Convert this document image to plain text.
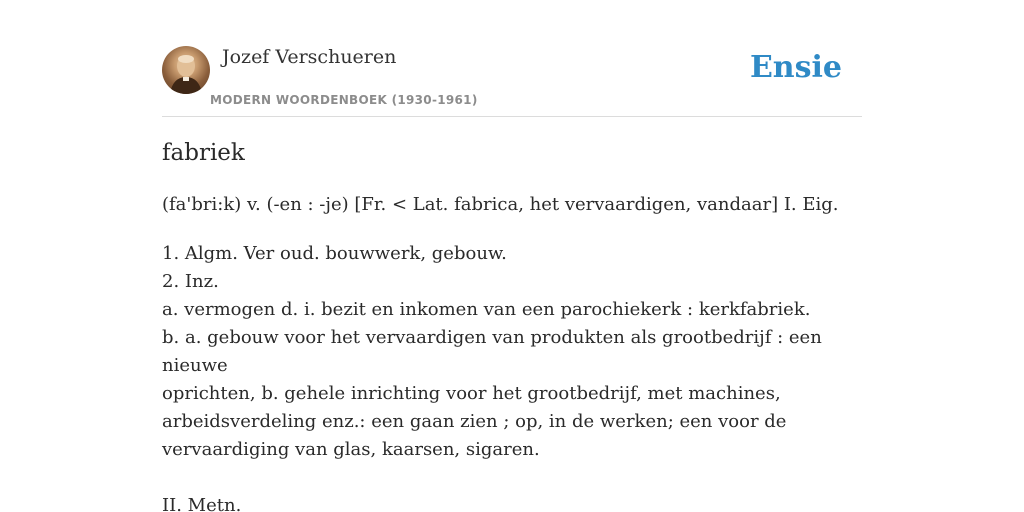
Jozef Verschueren
MODERN WOORDENBOEK (1930-1961)
Ensie
fabriek
(fa'bri:k) v. (-en : -je) [Fr. < Lat. fabrica, het vervaardigen, vandaar] I. Eig.
1. Algm. Ver oud. bouwwerk, gebouw.
2. Inz.
a. vermogen d. i. bezit en inkomen van een parochiekerk : kerkfabriek.
b. a. gebouw voor het vervaardigen van produkten als grootbedrijf : een nieuwe
oprichten, b. gehele inrichting voor het grootbedrijf, met machines,
arbeidsverdeling enz.: een gaan zien ; op, in de werken; een voor de
vervaardiging van glas, kaarsen, sigaren.
II. Metn.
